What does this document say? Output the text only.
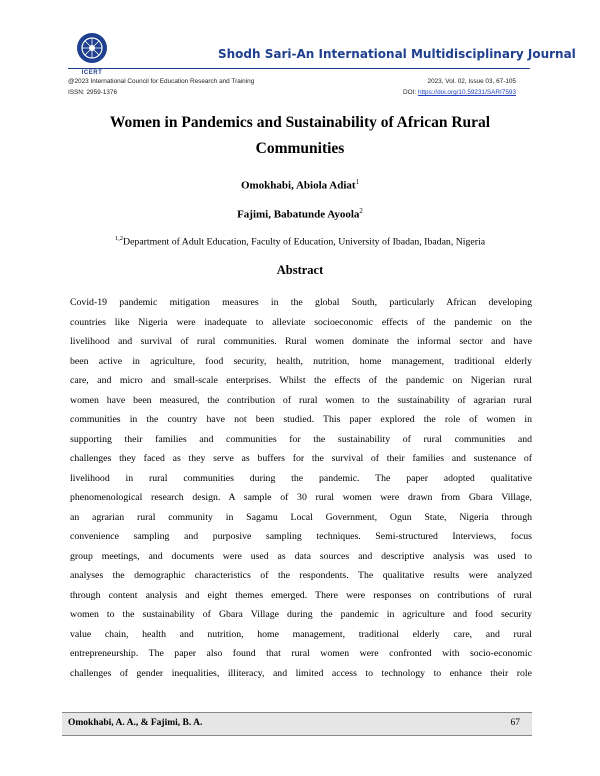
ICERT
Shodh Sari-An International Multidisciplinary Journal
@2023 International Council for Education Research and Training
ISSN: 2959-1376
2023, Vol. 02, Issue 03, 67-105
DOI: https://doi.org/10.59231/SARI7593
Women in Pandemics and Sustainability of African Rural
Communities
Omokhabi, Abiola Adiat$^1$
Fajimi, Babatunde Ayoola$^2$
$^{1,2}$Department of Adult Education, Faculty of Education, University of Ibadan, Ibadan, Nigeria
Abstract
Covid-19 pandemic mitigation measures in the global South, particularly African developing
countries like Nigeria were inadequate to alleviate socioeconomic effects of the pandemic on the
livelihood and survival of rural communities. Rural women dominate the informal sector and have
been active in agriculture, food security, health, nutrition, home management, traditional elderly
care, and micro and small-scale enterprises. Whilst the effects of the pandemic on Nigerian rural
women have been measured, the contribution of rural women to the sustainability of agrarian rural
communities in the country have not been studied. This paper explored the role of women in
supporting their families and communities for the sustainability of rural communities and
challenges they faced as they serve as buffers for the survival of their families and sustenance of
livelihood in rural communities during the pandemic. The paper adopted qualitative
phenomenological research design. A sample of 30 rural women were drawn from Gbara Village,
an agrarian rural community in Sagamu Local Government, Ogun State, Nigeria through
convenience sampling and purposive sampling techniques. Semi-structured Interviews, focus
group meetings, and documents were used as data sources and descriptive analysis was used to
analyses the demographic characteristics of the respondents. The qualitative results were analyzed
through content analysis and eight themes emerged. There were responses on contributions of rural
women to the sustainability of Gbara Village during the pandemic in agriculture and food security
value chain, health and nutrition, home management, traditional elderly care, and rural
entrepreneurship. The paper also found that rural women were confronted with socio-economic
challenges of gender inequalities, illiteracy, and limited access to technology to enhance their role
Omokhabi, A. A., & Fajimi, B. A.	67
